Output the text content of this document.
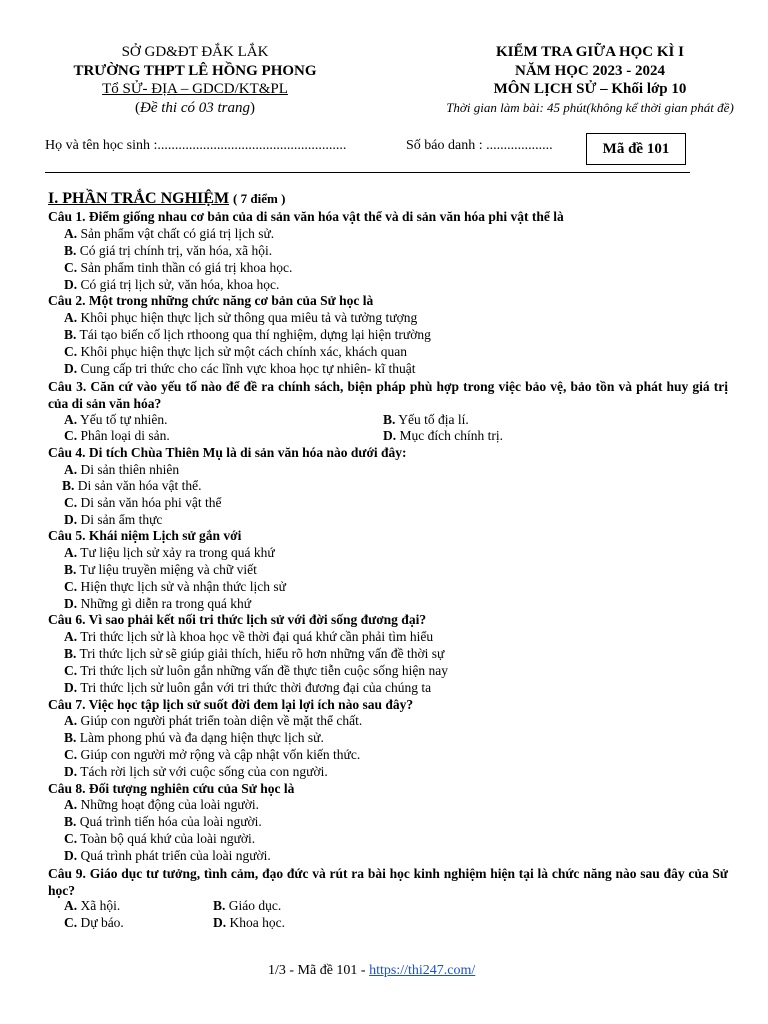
SỞ GD&ĐT ĐẮK LẮK
TRƯỜNG THPT LÊ HỒNG PHONG
Tổ SỬ- ĐỊA – GDCD/KT&PL
(Đề thi có 03 trang)
KIỂM TRA GIỮA HỌC KÌ I
NĂM HỌC 2023 - 2024
MÔN LỊCH SỬ – Khối lớp 10
Thời gian làm bài: 45 phút(không kể thời gian phát đề)
Họ và tên học sinh :......................................................	Số báo danh : ...................	Mã đề 101
I. PHẦN TRẮC NGHIỆM ( 7 điểm )
Câu 1. Điểm giống nhau cơ bản của di sản văn hóa vật thể và di sản văn hóa phi vật thể là
A. Sản phẩm vật chất có giá trị lịch sử.
B. Có giá trị chính trị, văn hóa, xã hội.
C. Sản phẩm tinh thần có giá trị khoa học.
D. Có giá trị lịch sử, văn hóa, khoa học.
Câu 2. Một trong những chức năng cơ bản của Sử học là
A. Khôi phục hiện thực lịch sử thông qua miêu tả và tưởng tượng
B. Tái tạo biến cố lịch rthoong qua thí nghiệm, dựng lại hiện trường
C. Khôi phục hiện thực lịch sử một cách chính xác, khách quan
D. Cung cấp tri thức cho các lĩnh vực khoa học tự nhiên- kĩ thuật
Câu 3. Căn cứ vào yếu tố nào để đề ra chính sách, biện pháp phù hợp trong việc bảo vệ, bảo tồn và phát huy giá trị của di sản văn hóa?
A. Yếu tố tự nhiên.	B. Yếu tố địa lí.
C. Phân loại di sản.	D. Mục đích chính trị.
Câu 4. Di tích Chùa Thiên Mụ là di sản văn hóa nào dưới đây:
A. Di sản thiên nhiên
B. Di sản văn hóa vật thể.
C. Di sản văn hóa phi vật thể
D. Di sản ẩm thực
Câu 5. Khái niệm Lịch sử gắn với
A. Tư liệu lịch sử xảy ra trong quá khứ
B. Tư liệu truyền miệng và chữ viết
C. Hiện thực lịch sử và nhận thức lịch sử
D. Những gì diễn ra trong quá khứ
Câu 6. Vì sao phải kết nối tri thức lịch sử với đời sống đương đại?
A. Tri thức lịch sử là khoa học về thời đại quá khứ cần phải tìm hiểu
B. Tri thức lịch sử sẽ giúp giải thích, hiểu rõ hơn những vấn đề thời sự
C. Tri thức lịch sử luôn gắn những vấn đề thực tiễn cuộc sống hiện nay
D. Tri thức lịch sử luôn gắn với tri thức thời đương đại của chúng ta
Câu 7. Việc học tập lịch sử suốt đời đem lại lợi ích nào sau đây?
A. Giúp con người phát triển toàn diện về mặt thể chất.
B. Làm phong phú và đa dạng hiện thực lịch sử.
C. Giúp con người mở rộng và cập nhật vốn kiến thức.
D. Tách rời lịch sử với cuộc sống của con người.
Câu 8. Đối tượng nghiên cứu của Sử học là
A. Những hoạt động của loài người.
B. Quá trình tiến hóa của loài người.
C. Toàn bộ quá khứ của loài người.
D. Quá trình phát triển của loài người.
Câu 9. Giáo dục tư tưởng, tình cảm, đạo đức và rút ra bài học kinh nghiệm hiện tại là chức năng nào sau đây của Sử học?
A. Xã hội.	B. Giáo dục.
C. Dự báo.	D. Khoa học.
1/3 - Mã đề 101 - https://thi247.com/
